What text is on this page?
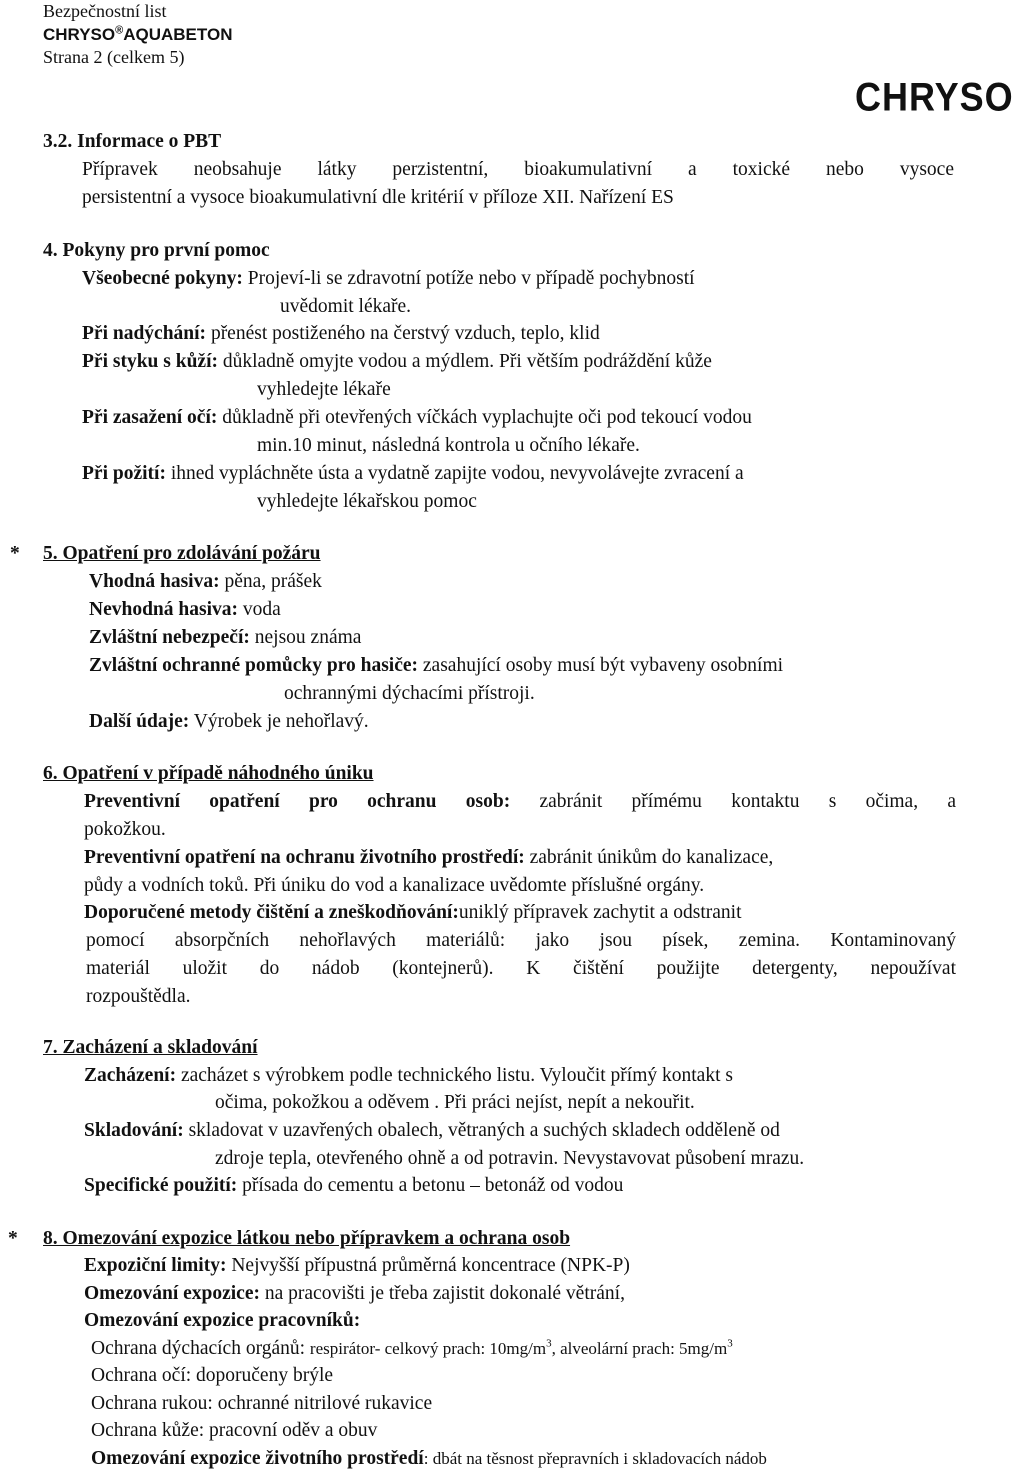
Bezpečnostní list
CHRYSO®AQUABETON
Strana 2 (celkem 5)
CHRYSO
3.2. Informace o PBT
Přípravek neobsahuje látky perzistentní, bioakumulativní a toxické nebo vysoce
persistentní a vysoce bioakumulativní dle kritérií v příloze XII. Nařízení ES
4. Pokyny pro první pomoc
Všeobecné pokyny: Projeví-li se zdravotní potíže nebo v případě pochybností
uvědomit lékaře.
Při nadýchání: přenést postiženého na čerstvý vzduch, teplo, klid
Při styku s kůží: důkladně omyjte vodou a mýdlem. Při větším podráždění kůže
vyhledejte lékaře
Při zasažení očí: důkladně při otevřených víčkách vyplachujte oči pod tekoucí vodou
min.10 minut, následná kontrola u očního lékaře.
Při požití: ihned vypláchněte ústa a vydatně zapijte vodou, nevyvolávejte zvracení a
vyhledejte lékařskou pomoc
* 5. Opatření pro zdolávání požáru
Vhodná hasiva: pěna, prášek
Nevhodná hasiva: voda
Zvláštní nebezpečí: nejsou známa
Zvláštní ochranné pomůcky pro hasiče: zasahující osoby musí být vybaveny osobními
ochrannými dýchacími přístroji.
Další údaje: Výrobek je nehořlavý.
6. Opatření v případě náhodného úniku
Preventivní opatření pro ochranu osob: zabránit přímému kontaktu s očima, a
pokožkou.
Preventivní opatření na ochranu životního prostředí: zabránit únikům do kanalizace,
půdy a vodních toků. Při úniku do vod a kanalizace uvědomte příslušné orgány.
Doporučené metody čištění a zneškodňování:uniklý přípravek zachytit a odstranit
pomocí absorpčních nehořlavých materiálů: jako jsou písek, zemina. Kontaminovaný
materiál uložit do nádob (kontejnerů). K čištění použijte detergenty, nepoužívat
rozpouštědla.
7. Zacházení a skladování
Zacházení: zacházet s výrobkem podle technického listu. Vyloučit přímý kontakt s
očima, pokožkou a oděvem . Při práci nejíst, nepít a nekouřit.
Skladování: skladovat v uzavřených obalech, větraných a suchých skladech odděleně od
zdroje tepla, otevřeného ohně a od potravin. Nevystavovat působení mrazu.
Specifické použití: přísada do cementu a betonu – betonáž od vodou
* 8. Omezování expozice látkou nebo přípravkem a ochrana osob
Expoziční limity: Nejvyšší přípustná průměrná koncentrace (NPK-P)
Omezování expozice: na pracovišti je třeba zajistit dokonalé větrání,
Omezování expozice pracovníků:
Ochrana dýchacích orgánů: respirátor- celkový prach: $10mg/m^3$, alveolární prach: $5mg/m^3$
Ochrana očí: doporučeny brýle
Ochrana rukou: ochranné nitrilové rukavice
Ochrana kůže: pracovní oděv a obuv
Omezování expozice životního prostředí: dbát na těsnost přepravních i skladovacích nádob
